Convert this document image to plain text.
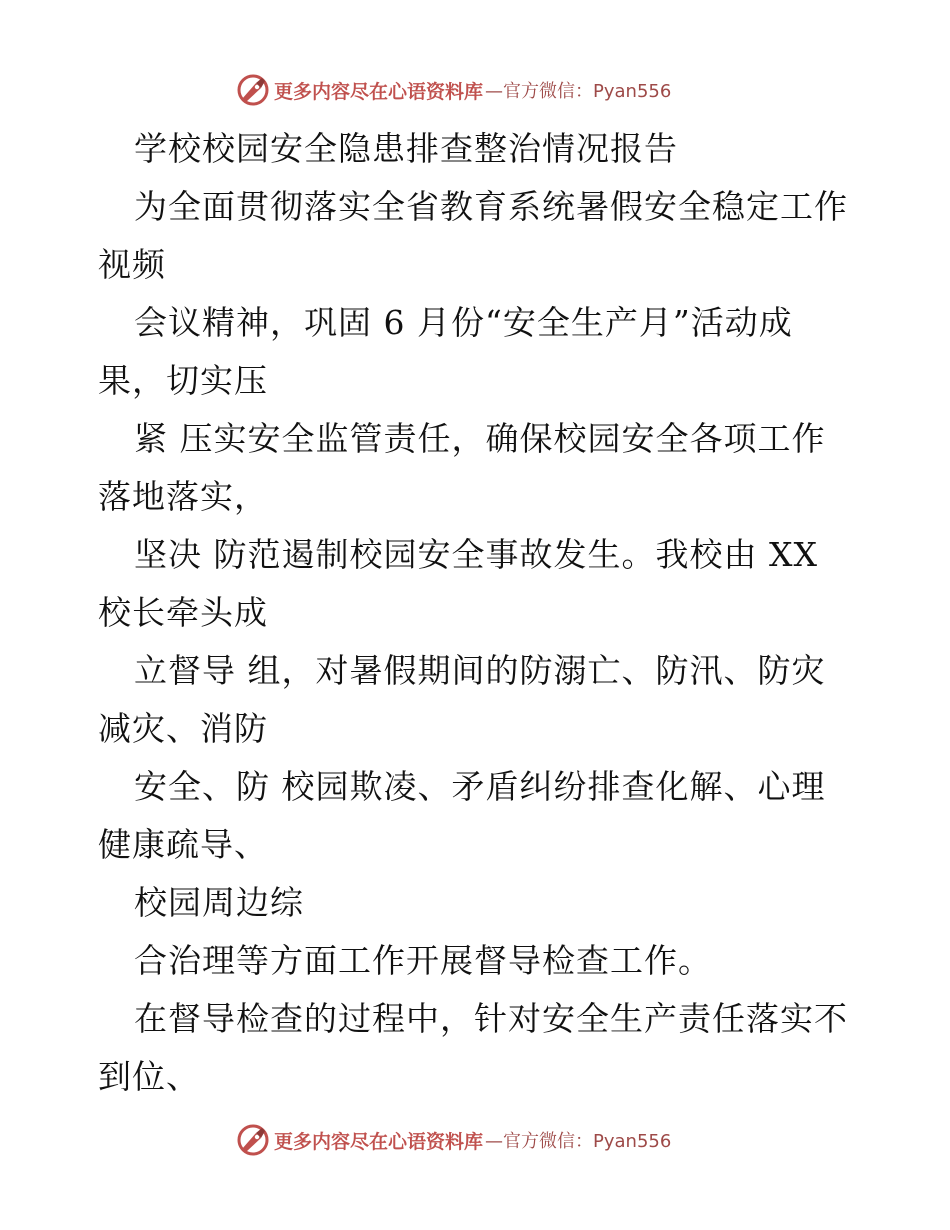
更多内容尽在心语资料库 —官方微信：Pyan556
学校校园安全隐患排查整治情况报告
为全面贯彻落实全省教育系统暑假安全稳定工作
视频
会议精神，巩固 6 月份“安全生产月”活动成
果，切实压
紧 压实安全监管责任，确保校园安全各项工作
落地落实，
坚决 防范遏制校园安全事故发生。我校由 XX
校长牵头成
立督导 组，对暑假期间的防溺亡、防汛、防灾
减灾、消防
安全、防 校园欺凌、矛盾纠纷排查化解、心理
健康疏导、
校园周边综
合治理等方面工作开展督导检查工作。
在督导检查的过程中，针对安全生产责任落实不
到位、
更多内容尽在心语资料库 —官方微信：Pyan556
